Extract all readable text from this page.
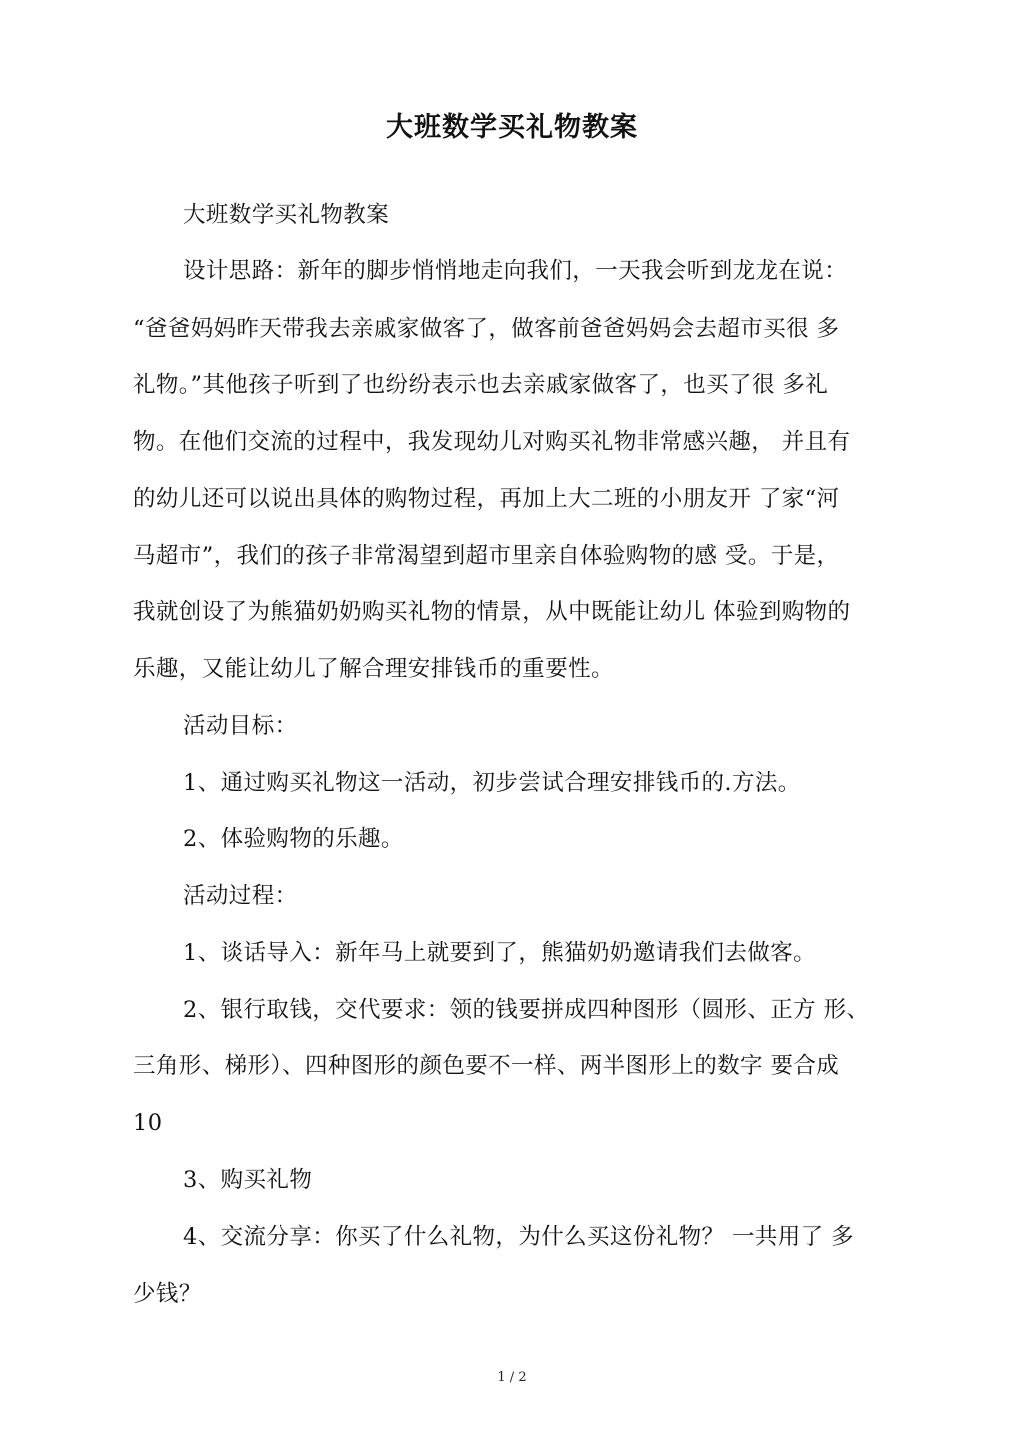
大班数学买礼物教案
大班数学买礼物教案
设计思路：新年的脚步悄悄地走向我们，一天我会听到龙龙在说：
“爸爸妈妈昨天带我去亲戚家做客了，做客前爸爸妈妈会去超市买很 多
礼物。”其他孩子听到了也纷纷表示也去亲戚家做客了，也买了很 多礼
物。在他们交流的过程中，我发现幼儿对购买礼物非常感兴趣， 并且有
的幼儿还可以说出具体的购物过程，再加上大二班的小朋友开 了家“河
马超市”，我们的孩子非常渴望到超市里亲自体验购物的感 受。于是，
我就创设了为熊猫奶奶购买礼物的情景，从中既能让幼儿 体验到购物的
乐趣，又能让幼儿了解合理安排钱币的重要性。
活动目标：
1、通过购买礼物这一活动，初步尝试合理安排钱币的.方法。
2、体验购物的乐趣。
活动过程：
1、谈话导入：新年马上就要到了，熊猫奶奶邀请我们去做客。
2、银行取钱，交代要求：领的钱要拼成四种图形（圆形、正方 形、
三角形、梯形）、四种图形的颜色要不一样、两半图形上的数字 要合成
10
3、购买礼物
4、交流分享：你买了什么礼物，为什么买这份礼物？ 一共用了 多
少钱？
1 / 2
